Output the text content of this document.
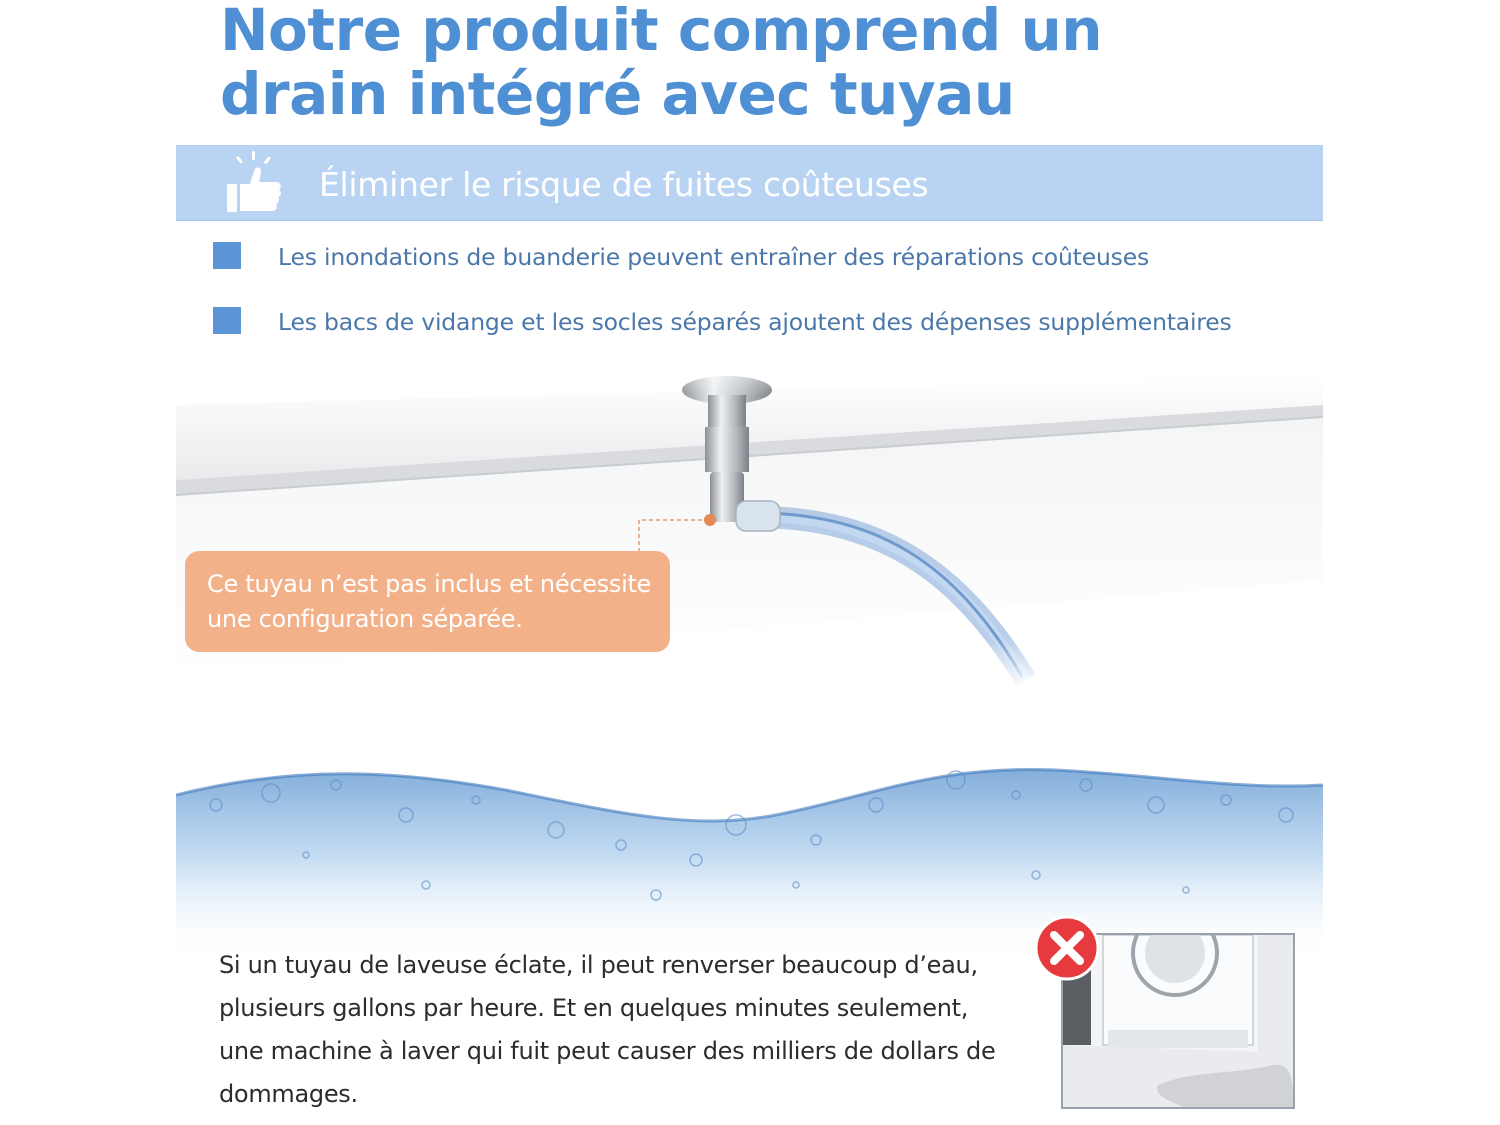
Notre produit comprend un
drain intégré avec tuyau
Éliminer le risque de fuites coûteuses
Les inondations de buanderie peuvent entraîner des réparations coûteuses
Les bacs de vidange et les socles séparés ajoutent des dépenses supplémentaires
Ce tuyau n’est pas inclus et nécessite une configuration séparée.

Si un tuyau de laveuse éclate, il peut renverser beaucoup d’eau, plusieurs gallons par heure. Et en quelques minutes seulement, une machine à laver qui fuit peut causer des milliers de dollars de dommages.
